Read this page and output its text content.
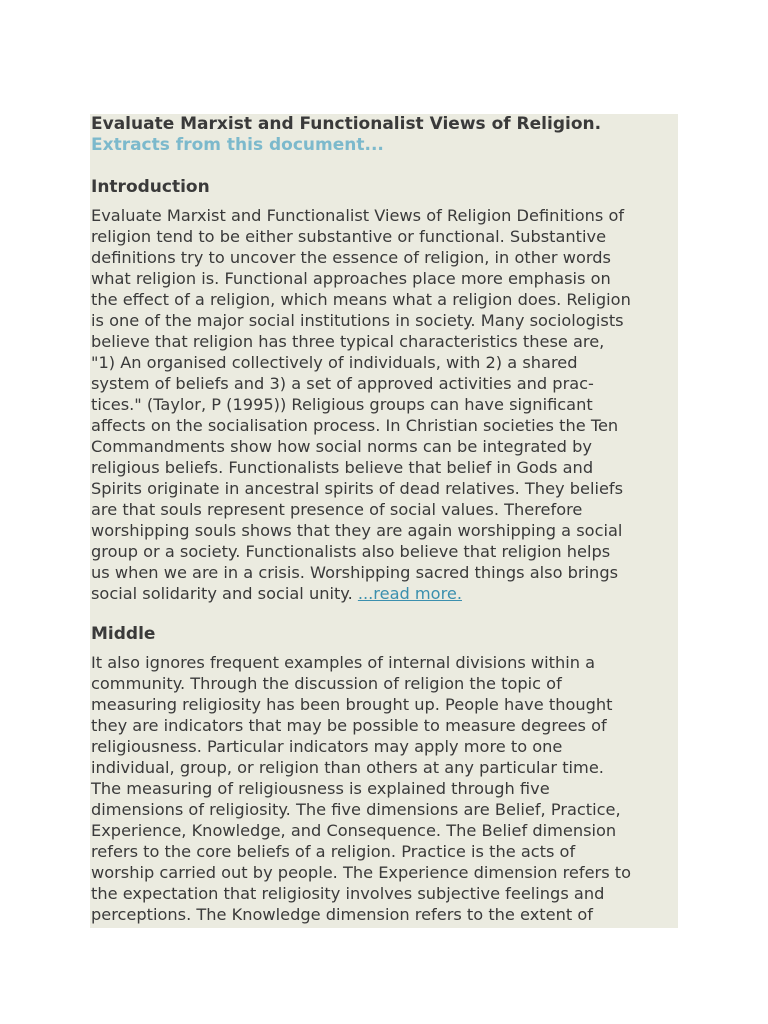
Evaluate Marxist and Functionalist Views of Religion.
Extracts from this document...
Introduction
Evaluate Marxist and Functionalist Views of Religion Definitions of
religion tend to be either substantive or functional. Substantive
definitions try to uncover the essence of religion, in other words
what religion is. Functional approaches place more emphasis on
the effect of a religion, which means what a religion does. Religion
is one of the major social institutions in society. Many sociologists
believe that religion has three typical characteristics these are,
"1) An organised collectively of individuals, with 2) a shared
system of beliefs and 3) a set of approved activities and prac-
tices." (Taylor, P (1995)) Religious groups can have significant
affects on the socialisation process. In Christian societies the Ten
Commandments show how social norms can be integrated by
religious beliefs. Functionalists believe that belief in Gods and
Spirits originate in ancestral spirits of dead relatives. They beliefs
are that souls represent presence of social values. Therefore
worshipping souls shows that they are again worshipping a social
group or a society. Functionalists also believe that religion helps
us when we are in a crisis. Worshipping sacred things also brings
social solidarity and social unity. ...read more.
Middle
It also ignores frequent examples of internal divisions within a
community. Through the discussion of religion the topic of
measuring religiosity has been brought up. People have thought
they are indicators that may be possible to measure degrees of
religiousness. Particular indicators may apply more to one
individual, group, or religion than others at any particular time.
The measuring of religiousness is explained through five
dimensions of religiosity. The five dimensions are Belief, Practice,
Experience, Knowledge, and Consequence. The Belief dimension
refers to the core beliefs of a religion. Practice is the acts of
worship carried out by people. The Experience dimension refers to
the expectation that religiosity involves subjective feelings and
perceptions. The Knowledge dimension refers to the extent of
